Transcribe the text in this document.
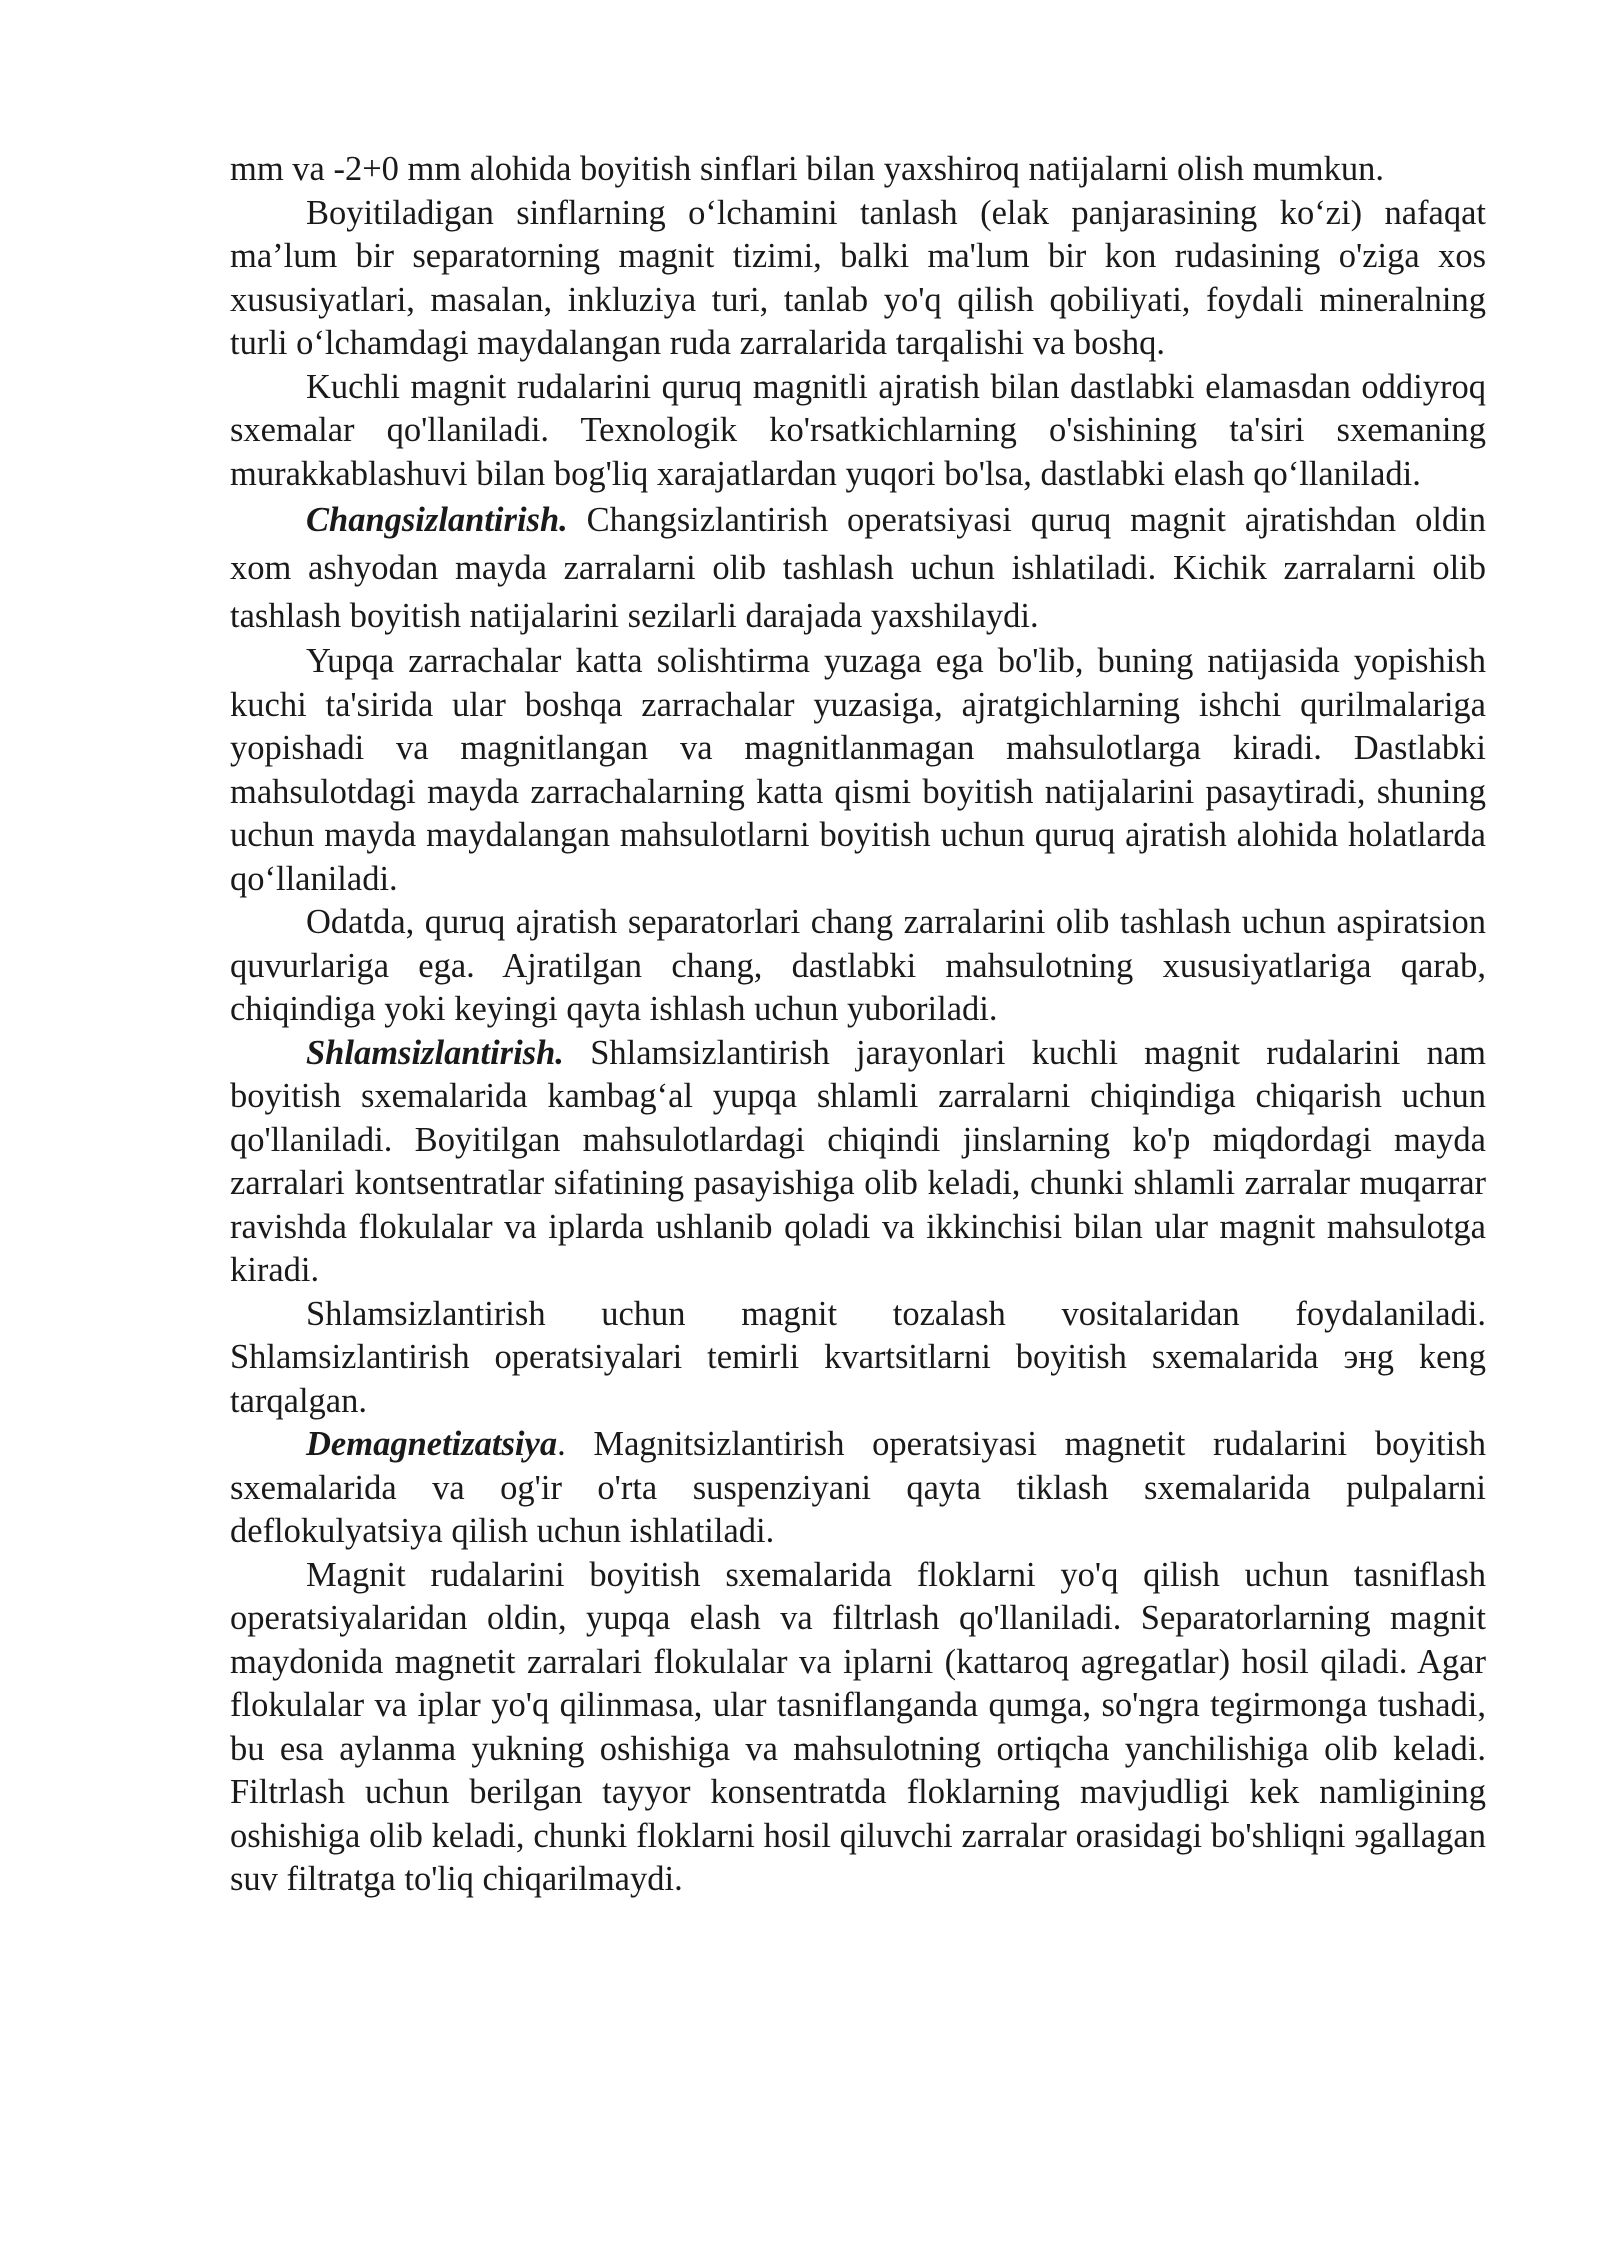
mm va -2+0 mm alohida boyitish sinflari bilan yaxshiroq natijalarni olish mumkun.

Boyitiladigan sinflarning o‘lchamini tanlash (elak panjarasining ko‘zi) nafaqat ma’lum bir separatorning magnit tizimi, balki ma'lum bir kon rudasining o'ziga xos xususiyatlari, masalan, inkluziya turi, tanlab yo'q qilish qobiliyati, foydali mineralning turli o‘lchamdagi maydalangan ruda zarralarida tarqalishi va boshq.

Kuchli magnit rudalarini quruq magnitli ajratish bilan dastlabki elamasdan oddiyroq sxemalar qo'llaniladi. Texnologik ko'rsatkichlarning o'sishining ta'siri sxemaning murakkablashuvi bilan bog'liq xarajatlardan yuqori bo'lsa, dastlabki elash qo‘llaniladi.

Changsizlantirish. Changsizlantirish operatsiyasi quruq magnit ajratishdan oldin xom ashyodan mayda zarralarni olib tashlash uchun ishlatiladi. Kichik zarralarni olib tashlash boyitish natijalarini sezilarli darajada yaxshilaydi.

Yupqa zarrachalar katta solishtirma yuzaga ega bo'lib, buning natijasida yopishish kuchi ta'sirida ular boshqa zarrachalar yuzasiga, ajratgichlarning ishchi qurilmalariga yopishadi va magnitlangan va magnitlanmagan mahsulotlarga kiradi. Dastlabki mahsulotdagi mayda zarrachalarning katta qismi boyitish natijalarini pasaytiradi, shuning uchun mayda maydalangan mahsulotlarni boyitish uchun quruq ajratish alohida holatlarda qo‘llaniladi.

Odatda, quruq ajratish separatorlari chang zarralarini olib tashlash uchun aspiratsion quvurlariga ega. Ajratilgan chang, dastlabki mahsulotning xususiyatlariga qarab, chiqindiga yoki keyingi qayta ishlash uchun yuboriladi.

Shlamsizlantirish. Shlamsizlantirish jarayonlari kuchli magnit rudalarini nam boyitish sxemalarida kambag‘al yupqa shlamli zarralarni chiqindiga chiqarish uchun qo'llaniladi. Boyitilgan mahsulotlardagi chiqindi jinslarning ko'p miqdordagi mayda zarralari kontsentratlar sifatining pasayishiga olib keladi, chunki shlamli zarralar muqarrar ravishda flokulalar va iplarda ushlanib qoladi va ikkinchisi bilan ular magnit mahsulotga kiradi.

Shlamsizlantirish uchun magnit tozalash vositalaridan foydalaniladi. Shlamsizlantirish operatsiyalari temirli kvartsitlarni boyitish sxemalarida энg keng tarqalgan.

Demagnetizatsiya. Magnitsizlantirish operatsiyasi magnetit rudalarini boyitish sxemalarida va og'ir o'rta suspenziyani qayta tiklash sxemalarida pulpalarni deflokulyatsiya qilish uchun ishlatiladi.

Magnit rudalarini boyitish sxemalarida floklarni yo'q qilish uchun tasniflash operatsiyalaridan oldin, yupqa elash va filtrlash qo'llaniladi. Separatorlarning magnit maydonida magnetit zarralari flokulalar va iplarni (kattaroq agregatlar) hosil qiladi. Agar flokulalar va iplar yo'q qilinmasa, ular tasniflanganda qumga, so'ngra tegirmonga tushadi, bu esa aylanma yukning oshishiga va mahsulotning ortiqcha yanchilishiga olib keladi. Filtrlash uchun berilgan tayyor konsentratda floklarning mavjudligi kek namligining oshishiga olib keladi, chunki floklarni hosil qiluvchi zarralar orasidagi bo'shliqni эgallagan suv filtratga to'liq chiqarilmaydi.
